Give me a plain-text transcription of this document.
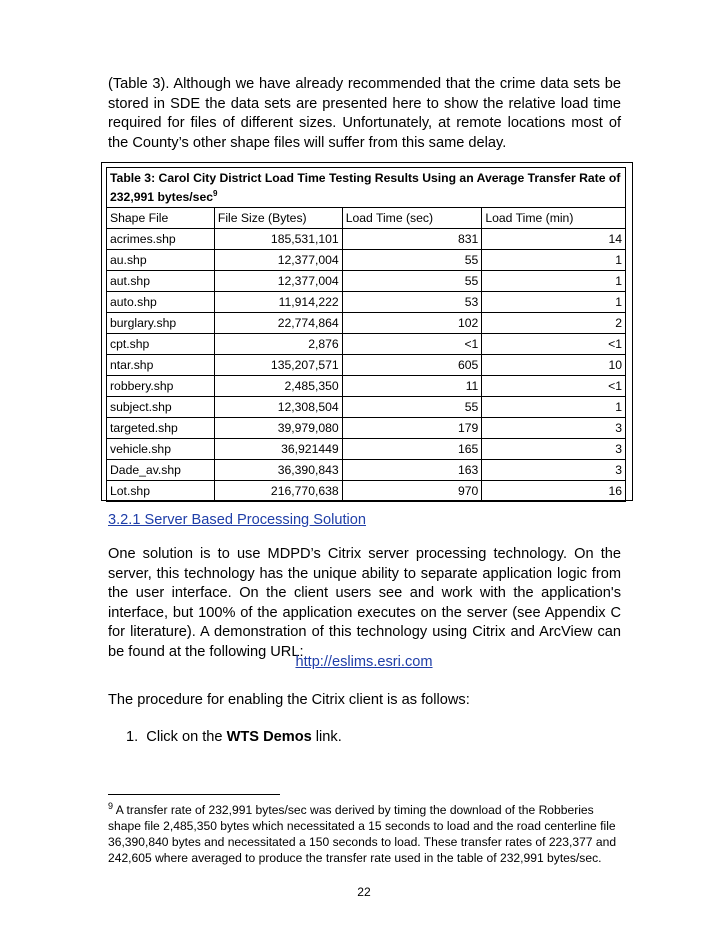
(Table 3). Although we have already recommended that the crime data sets be stored in SDE the data sets are presented here to show the relative load time required for files of different sizes. Unfortunately, at remote locations most of the County’s other shape files will suffer from this same delay.
Table 3: Carol City District Load Time Testing Results Using an Average Transfer Rate of 232,991 bytes/$\sec^9$
Shape File	File Size (Bytes)	Load Time (sec)	Load Time (min)
acrimes.shp	185,531,101	831	14
au.shp	12,377,004	55	1
aut.shp	12,377,004	55	1
auto.shp	11,914,222	53	1
burglary.shp	22,774,864	102	2
cpt.shp	2,876	<1	<1
ntar.shp	135,207,571	605	10
robbery.shp	2,485,350	11	<1
subject.shp	12,308,504	55	1
targeted.shp	39,979,080	179	3
vehicle.shp	36,921449	165	3
Dade_av.shp	36,390,843	163	3
Lot.shp	216,770,638	970	16
3.2.1 Server Based Processing Solution
One solution is to use MDPD’s Citrix server processing technology. On the server, this technology has the unique ability to separate application logic from the user interface. On the client users see and work with the application's interface, but 100% of the application executes on the server (see Appendix C for literature). A demonstration of this technology using Citrix and ArcView can be found at the following URL:
http://eslims.esri.com
The procedure for enabling the Citrix client is as follows:
1. Click on the WTS Demos link.
$^9$ A transfer rate of 232,991 bytes/sec was derived by timing the download of the Robberies shape file 2,485,350 bytes which necessitated a 15 seconds to load and the road centerline file 36,390,840 bytes and necessitated a 150 seconds to load. These transfer rates of 223,377 and 242,605 where averaged to produce the transfer rate used in the table of 232,991 bytes/sec.
22
